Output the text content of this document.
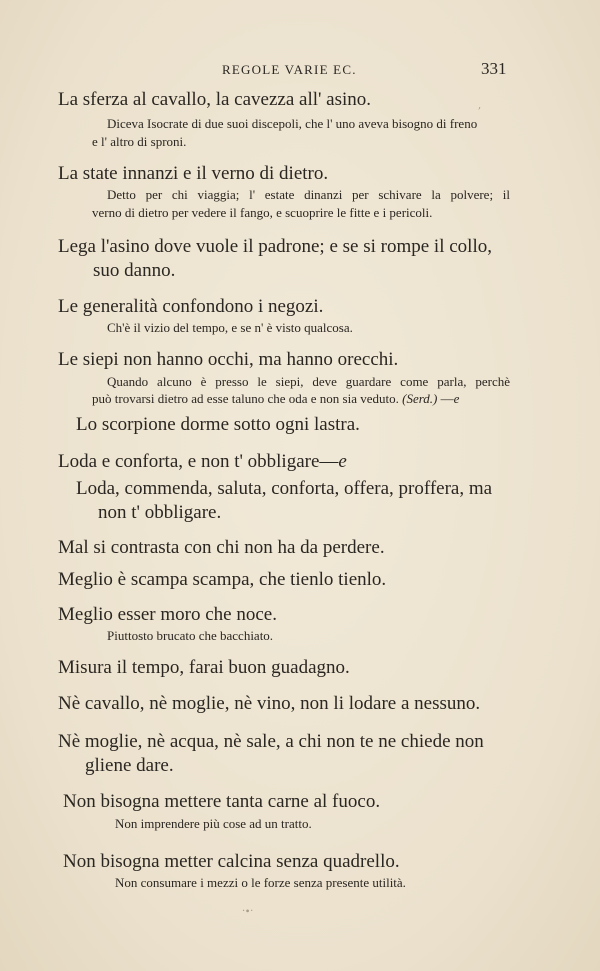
REGOLE VARIE EC.	331
,
La sferza al cavallo, la cavezza all' asino.
Diceva Isocrate di due suoi discepoli, che l' uno aveva bisogno di freno
e l' altro di sproni.
La state innanzi e il verno di dietro.
Detto per chi viaggia; l' estate dinanzi per schivare la polvere; il
verno di dietro per vedere il fango, e scuoprire le fitte e i pericoli.
Lega l'asino dove vuole il padrone; e se si rompe il collo,
suo danno.
Le generalità confondono i negozi.
Ch'è il vizio del tempo, e se n' è visto qualcosa.
Le siepi non hanno occhi, ma hanno orecchi.
Quando alcuno è presso le siepi, deve guardare come parla, perchè
può trovarsi dietro ad esse taluno che oda e non sia veduto. (Serd.) —e
Lo scorpione dorme sotto ogni lastra.
Loda e conforta, e non t' obbligare—e
Loda, commenda, saluta, conforta, offera, proffera, ma
non t' obbligare.
Mal si contrasta con chi non ha da perdere.
Meglio è scampa scampa, che tienlo tienlo.
Meglio esser moro che noce.
Piuttosto brucato che bacchiato.
Misura il tempo, farai buon guadagno.
Nè cavallo, nè moglie, nè vino, non li lodare a nessuno.
Nè moglie, nè acqua, nè sale, a chi non te ne chiede non
gliene dare.
Non bisogna mettere tanta carne al fuoco.
Non imprendere più cose ad un tratto.
Non bisogna metter calcina senza quadrello.
Non consumare i mezzi o le forze senza presente utilità.
·∙·
